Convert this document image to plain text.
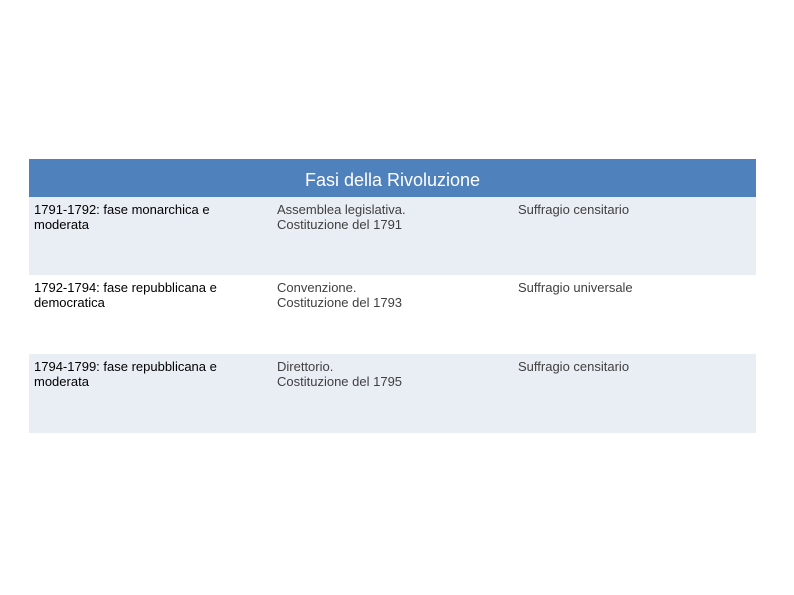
Fasi della Rivoluzione
1791-1792: fase monarchica e
moderata
Assemblea legislativa.
Costituzione del 1791
Suffragio censitario
1792-1794: fase repubblicana e
democratica
Convenzione.
Costituzione del 1793
Suffragio universale
1794-1799: fase repubblicana e
moderata
Direttorio.
Costituzione del 1795
Suffragio censitario
